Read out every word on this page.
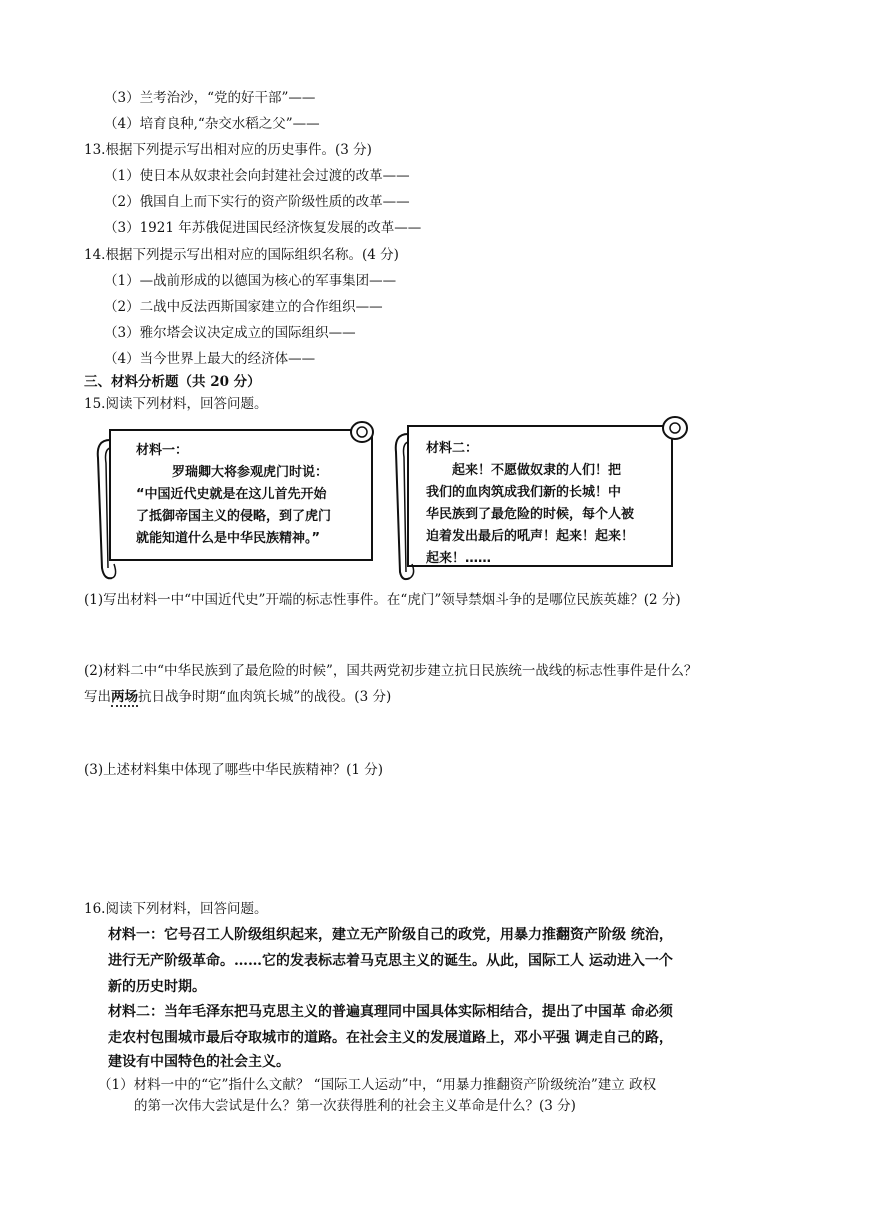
（3）兰考治沙，“党的好干部”——
（4）培育良种,“杂交水稻之父”——
13.根据下列提示写出相对应的历史事件。(3 分)
（1）使日本从奴隶社会向封建社会过渡的改革——
（2）俄国自上而下实行的资产阶级性质的改革——
（3）1921 年苏俄促进国民经济恢复发展的改革——
14.根据下列提示写出相对应的国际组织名称。(4 分)
（1）—战前形成的以德国为核心的军事集团——
（2）二战中反法西斯国家建立的合作组织——
（3）雅尔塔会议决定成立的国际组织——
（4）当今世界上最大的经济体——
三、材料分析题（共 20 分）
15.阅读下列材料，回答问题。
材料一：
罗瑞卿大将参观虎门时说：
“中国近代史就是在这儿首先开始
了抵御帝国主义的侵略，到了虎门
就能知道什么是中华民族精神。”
材料二：
起来！不愿做奴隶的人们！把
我们的血肉筑成我们新的长城！中
华民族到了最危险的时候，每个人被
迫着发出最后的吼声！起来！起来！
起来！……
(1)写出材料一中“中国近代史”开端的标志性事件。在“虎门”领导禁烟斗争的是哪位民族英雄？(2 分)
(2)材料二中“中华民族到了最危险的时候”，国共两党初步建立抗日民族统一战线的标志性事件是什么？
写出两场抗日战争时期“血肉筑长城”的战役。(3 分)
(3)上述材料集中体现了哪些中华民族精神？(1 分)
16.阅读下列材料，回答问题。
材料一：它号召工人阶级组织起来，建立无产阶级自己的政党，用暴力推翻资产阶级 统治，
进行无产阶级革命。……它的发表标志着马克思主义的诞生。从此，国际工人 运动进入一个
新的历史时期。
材料二：当年毛泽东把马克思主义的普遍真理同中国具体实际相结合，提出了中国革 命必须
走农村包围城市最后夺取城市的道路。在社会主义的发展道路上，邓小平强 调走自己的路，
建设有中国特色的社会主义。
（1）材料一中的“它”指什么文献？ “国际工人运动”中，“用暴力推翻资产阶级统治”建立 政权
的第一次伟大尝试是什么？第一次获得胜利的社会主义革命是什么？(3 分)
